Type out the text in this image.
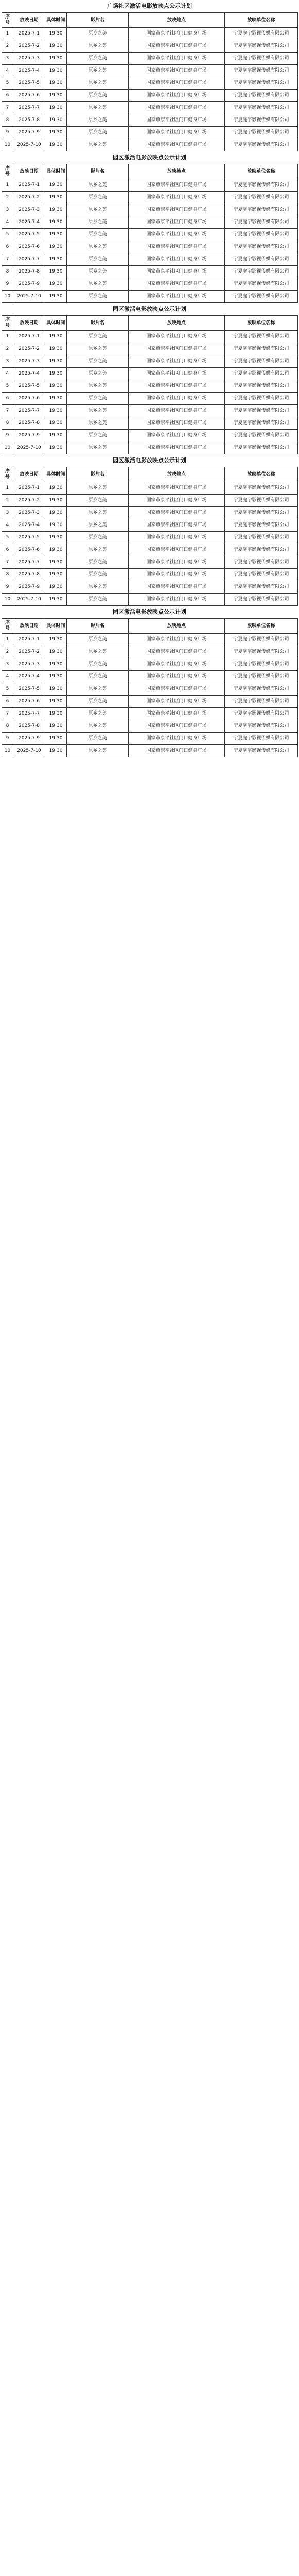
广场社区激活电影放映点公示计划
序号	放映日期	具体时间	影片名	放映地点	放映单位名称
1	2025-7-1	19:30	原乡之美	国家市康平社区门口健身广场	宁夏庭宇影视传媒有限公司
2	2025-7-2	19:30	原乡之美	国家市康平社区门口健身广场	宁夏庭宇影视传媒有限公司
3	2025-7-3	19:30	原乡之美	国家市康平社区门口健身广场	宁夏庭宇影视传媒有限公司
4	2025-7-4	19:30	原乡之美	国家市康平社区门口健身广场	宁夏庭宇影视传媒有限公司
5	2025-7-5	19:30	原乡之美	国家市康平社区门口健身广场	宁夏庭宇影视传媒有限公司
6	2025-7-6	19:30	原乡之美	国家市康平社区门口健身广场	宁夏庭宇影视传媒有限公司
7	2025-7-7	19:30	原乡之美	国家市康平社区门口健身广场	宁夏庭宇影视传媒有限公司
8	2025-7-8	19:30	原乡之美	国家市康平社区门口健身广场	宁夏庭宇影视传媒有限公司
9	2025-7-9	19:30	原乡之美	国家市康平社区门口健身广场	宁夏庭宇影视传媒有限公司
10	2025-7-10	19:30	原乡之美	国家市康平社区门口健身广场	宁夏庭宇影视传媒有限公司
园区激活电影放映点公示计划
序号	放映日期	具体时间	影片名	放映地点	放映单位名称
1	2025-7-1	19:30	原乡之美	国家市康平社区门口健身广场	宁夏庭宇影视传媒有限公司
2	2025-7-2	19:30	原乡之美	国家市康平社区门口健身广场	宁夏庭宇影视传媒有限公司
3	2025-7-3	19:30	原乡之美	国家市康平社区门口健身广场	宁夏庭宇影视传媒有限公司
4	2025-7-4	19:30	原乡之美	国家市康平社区门口健身广场	宁夏庭宇影视传媒有限公司
5	2025-7-5	19:30	原乡之美	国家市康平社区门口健身广场	宁夏庭宇影视传媒有限公司
6	2025-7-6	19:30	原乡之美	国家市康平社区门口健身广场	宁夏庭宇影视传媒有限公司
7	2025-7-7	19:30	原乡之美	国家市康平社区门口健身广场	宁夏庭宇影视传媒有限公司
8	2025-7-8	19:30	原乡之美	国家市康平社区门口健身广场	宁夏庭宇影视传媒有限公司
9	2025-7-9	19:30	原乡之美	国家市康平社区门口健身广场	宁夏庭宇影视传媒有限公司
10	2025-7-10	19:30	原乡之美	国家市康平社区门口健身广场	宁夏庭宇影视传媒有限公司
园区激活电影放映点公示计划
序号	放映日期	具体时间	影片名	放映地点	放映单位名称
1	2025-7-1	19:30	原乡之美	国家市康平社区门口健身广场	宁夏庭宇影视传媒有限公司
2	2025-7-2	19:30	原乡之美	国家市康平社区门口健身广场	宁夏庭宇影视传媒有限公司
3	2025-7-3	19:30	原乡之美	国家市康平社区门口健身广场	宁夏庭宇影视传媒有限公司
4	2025-7-4	19:30	原乡之美	国家市康平社区门口健身广场	宁夏庭宇影视传媒有限公司
5	2025-7-5	19:30	原乡之美	国家市康平社区门口健身广场	宁夏庭宇影视传媒有限公司
6	2025-7-6	19:30	原乡之美	国家市康平社区门口健身广场	宁夏庭宇影视传媒有限公司
7	2025-7-7	19:30	原乡之美	国家市康平社区门口健身广场	宁夏庭宇影视传媒有限公司
8	2025-7-8	19:30	原乡之美	国家市康平社区门口健身广场	宁夏庭宇影视传媒有限公司
9	2025-7-9	19:30	原乡之美	国家市康平社区门口健身广场	宁夏庭宇影视传媒有限公司
10	2025-7-10	19:30	原乡之美	国家市康平社区门口健身广场	宁夏庭宇影视传媒有限公司
园区激活电影放映点公示计划
序号	放映日期	具体时间	影片名	放映地点	放映单位名称
1	2025-7-1	19:30	原乡之美	国家市康平社区门口健身广场	宁夏庭宇影视传媒有限公司
2	2025-7-2	19:30	原乡之美	国家市康平社区门口健身广场	宁夏庭宇影视传媒有限公司
3	2025-7-3	19:30	原乡之美	国家市康平社区门口健身广场	宁夏庭宇影视传媒有限公司
4	2025-7-4	19:30	原乡之美	国家市康平社区门口健身广场	宁夏庭宇影视传媒有限公司
5	2025-7-5	19:30	原乡之美	国家市康平社区门口健身广场	宁夏庭宇影视传媒有限公司
6	2025-7-6	19:30	原乡之美	国家市康平社区门口健身广场	宁夏庭宇影视传媒有限公司
7	2025-7-7	19:30	原乡之美	国家市康平社区门口健身广场	宁夏庭宇影视传媒有限公司
8	2025-7-8	19:30	原乡之美	国家市康平社区门口健身广场	宁夏庭宇影视传媒有限公司
9	2025-7-9	19:30	原乡之美	国家市康平社区门口健身广场	宁夏庭宇影视传媒有限公司
10	2025-7-10	19:30	原乡之美	国家市康平社区门口健身广场	宁夏庭宇影视传媒有限公司
园区激活电影放映点公示计划
序号	放映日期	具体时间	影片名	放映地点	放映单位名称
1	2025-7-1	19:30	原乡之美	国家市康平社区门口健身广场	宁夏庭宇影视传媒有限公司
2	2025-7-2	19:30	原乡之美	国家市康平社区门口健身广场	宁夏庭宇影视传媒有限公司
3	2025-7-3	19:30	原乡之美	国家市康平社区门口健身广场	宁夏庭宇影视传媒有限公司
4	2025-7-4	19:30	原乡之美	国家市康平社区门口健身广场	宁夏庭宇影视传媒有限公司
5	2025-7-5	19:30	原乡之美	国家市康平社区门口健身广场	宁夏庭宇影视传媒有限公司
6	2025-7-6	19:30	原乡之美	国家市康平社区门口健身广场	宁夏庭宇影视传媒有限公司
7	2025-7-7	19:30	原乡之美	国家市康平社区门口健身广场	宁夏庭宇影视传媒有限公司
8	2025-7-8	19:30	原乡之美	国家市康平社区门口健身广场	宁夏庭宇影视传媒有限公司
9	2025-7-9	19:30	原乡之美	国家市康平社区门口健身广场	宁夏庭宇影视传媒有限公司
10	2025-7-10	19:30	原乡之美	国家市康平社区门口健身广场	宁夏庭宇影视传媒有限公司
